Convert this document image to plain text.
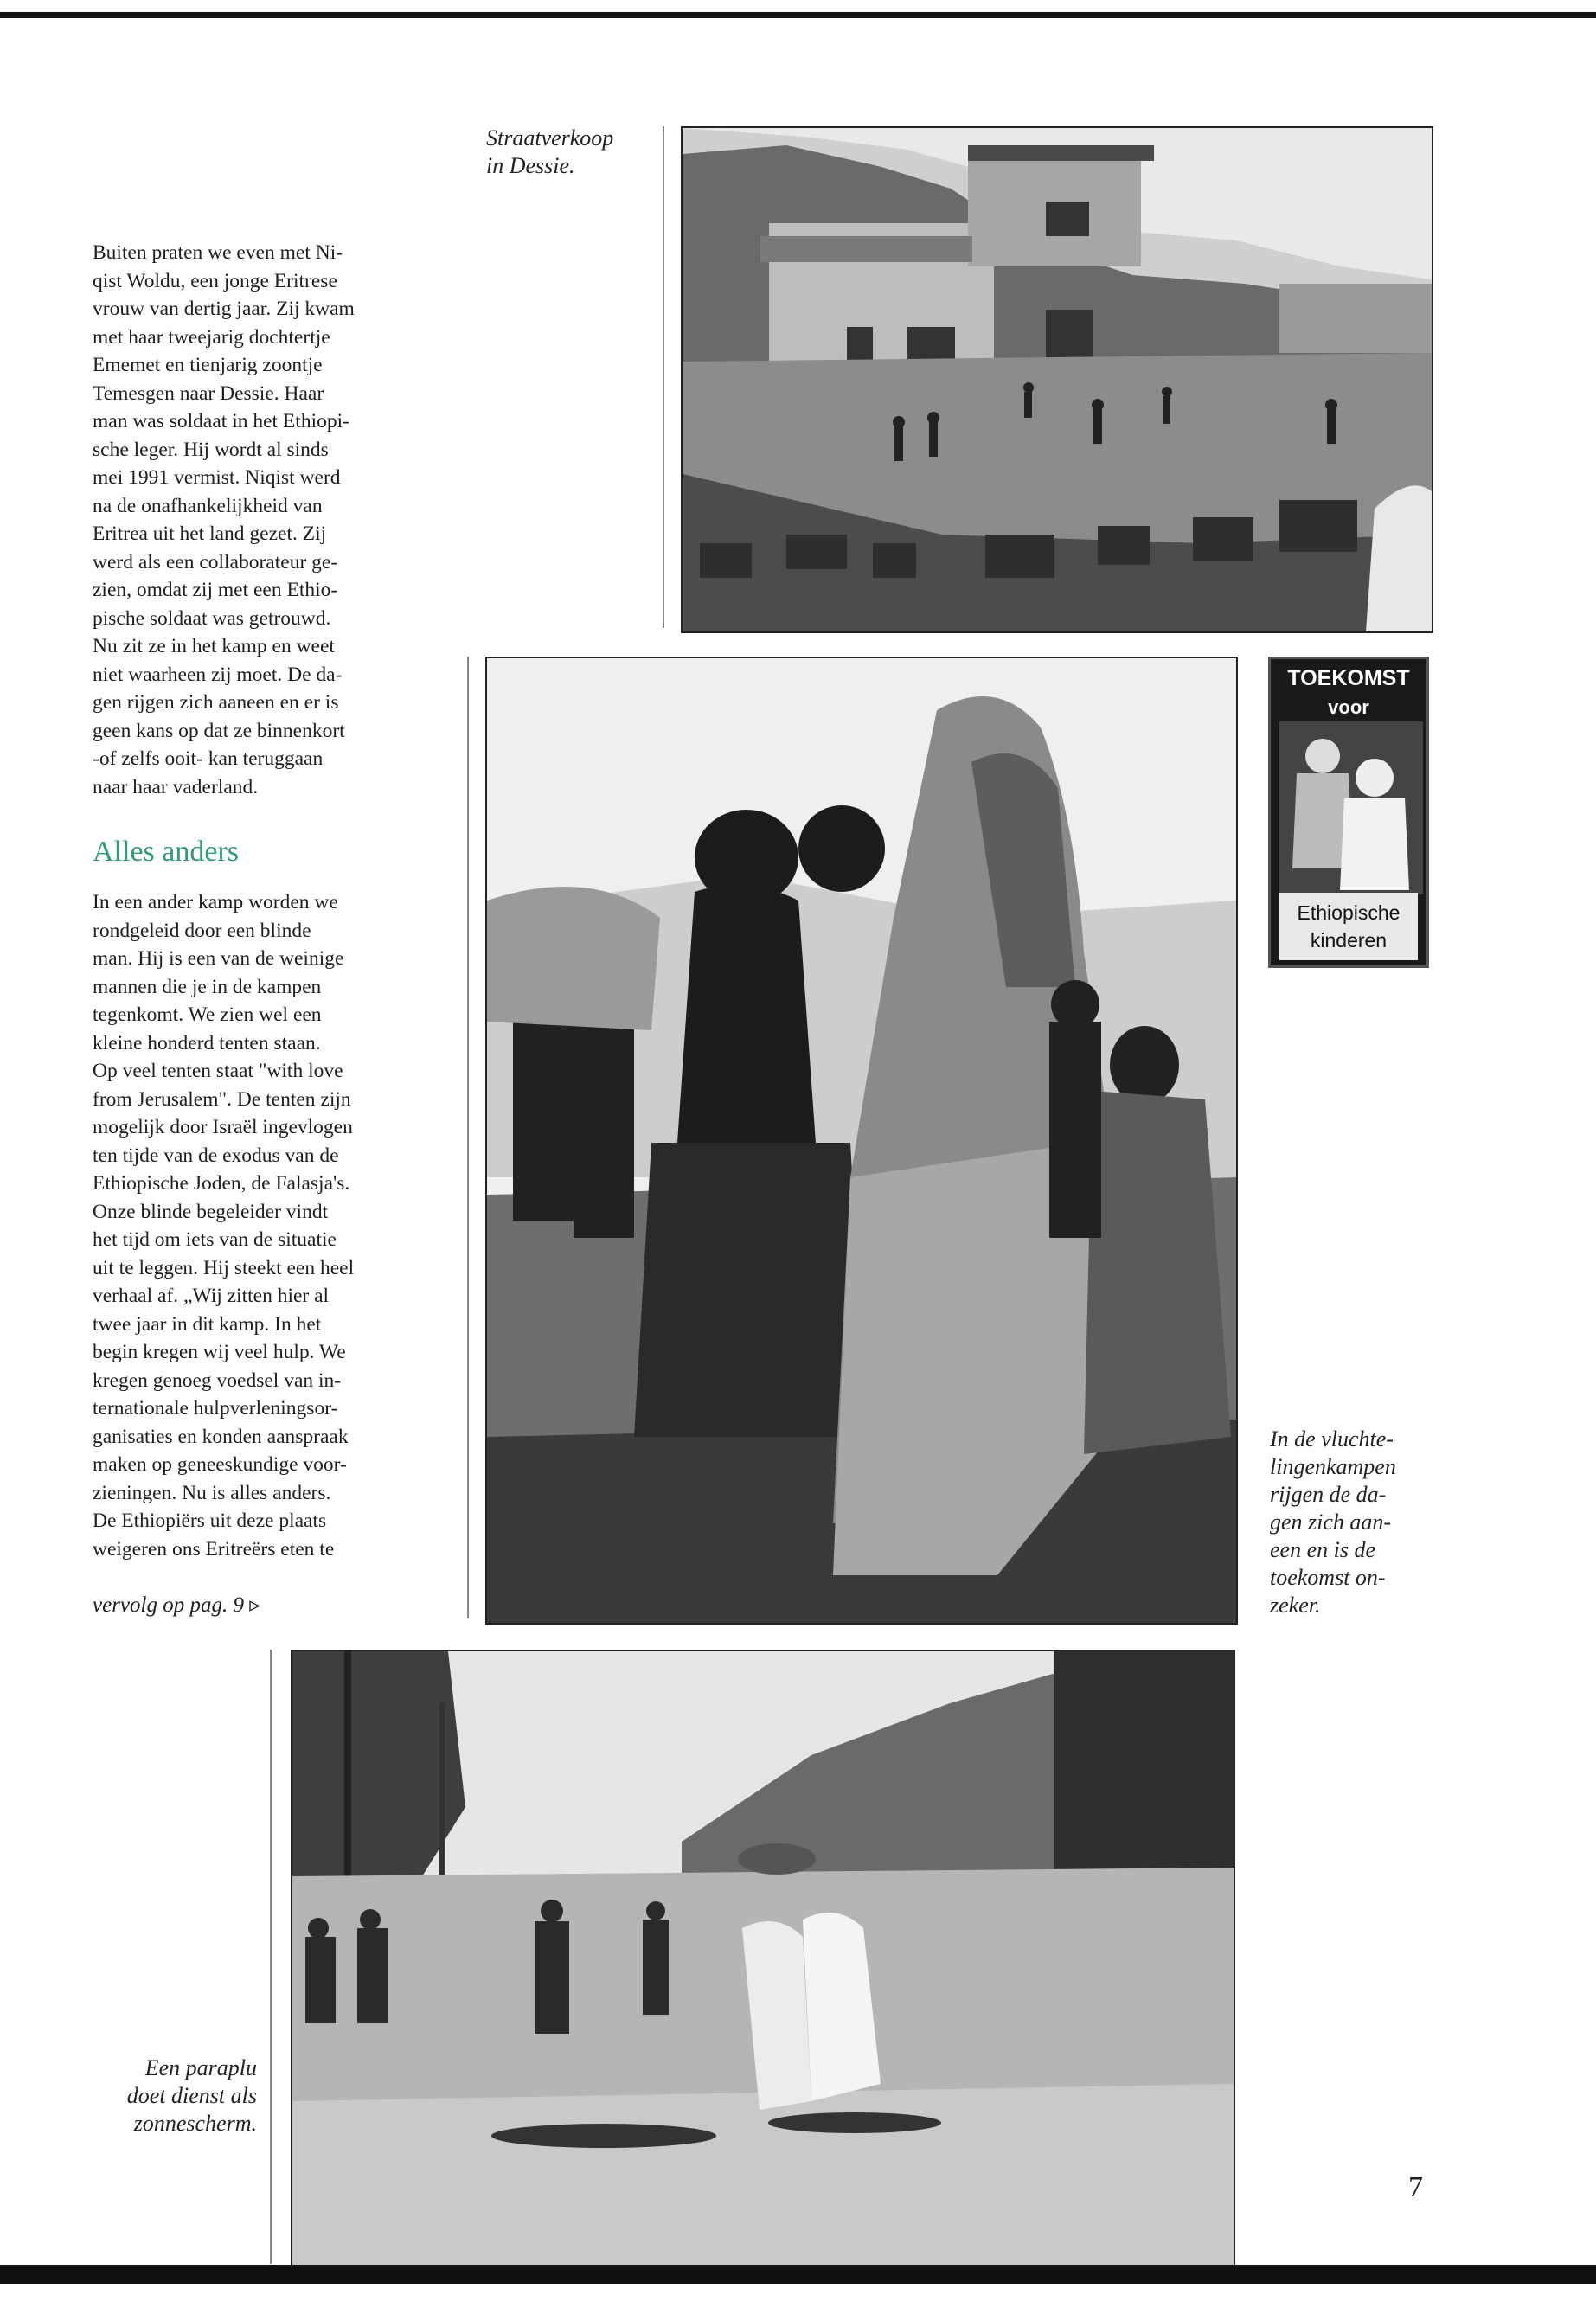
Buiten praten we even met Ni-
qist Woldu, een jonge Eritrese
vrouw van dertig jaar. Zij kwam
met haar tweejarig dochtertje
Ememet en tienjarig zoontje
Temesgen naar Dessie. Haar
man was soldaat in het Ethiopi-
sche leger. Hij wordt al sinds
mei 1991 vermist. Niqist werd
na de onafhankelijkheid van
Eritrea uit het land gezet. Zij
werd als een collaborateur ge-
zien, omdat zij met een Ethio-
pische soldaat was getrouwd.
Nu zit ze in het kamp en weet
niet waarheen zij moet. De da-
gen rijgen zich aaneen en er is
geen kans op dat ze binnenkort
-of zelfs ooit- kan teruggaan
naar haar vaderland.

Alles anders

In een ander kamp worden we
rondgeleid door een blinde
man. Hij is een van de weinige
mannen die je in de kampen
tegenkomt. We zien wel een
kleine honderd tenten staan.
Op veel tenten staat "with love
from Jerusalem". De tenten zijn
mogelijk door Israël ingevlogen
ten tijde van de exodus van de
Ethiopische Joden, de Falasja's.
Onze blinde begeleider vindt
het tijd om iets van de situatie
uit te leggen. Hij steekt een heel
verhaal af. „Wij zitten hier al
twee jaar in dit kamp. In het
begin kregen wij veel hulp. We
kregen genoeg voedsel van in-
ternationale hulpverleningsor-
ganisaties en konden aanspraak
maken op geneeskundige voor-
zieningen. Nu is alles anders.
De Ethiopiërs uit deze plaats
weigeren ons Eritreërs eten te

vervolg op pag. 9 ▹

Straatverkoop
in Dessie.

In de vluchte-
lingenkampen
rijgen de da-
gen zich aan-
een en is de
toekomst on-
zeker.

Een paraplu
doet dienst als
zonnescherm.

TOEKOMST
voor
Ethiopische
kinderen
7
